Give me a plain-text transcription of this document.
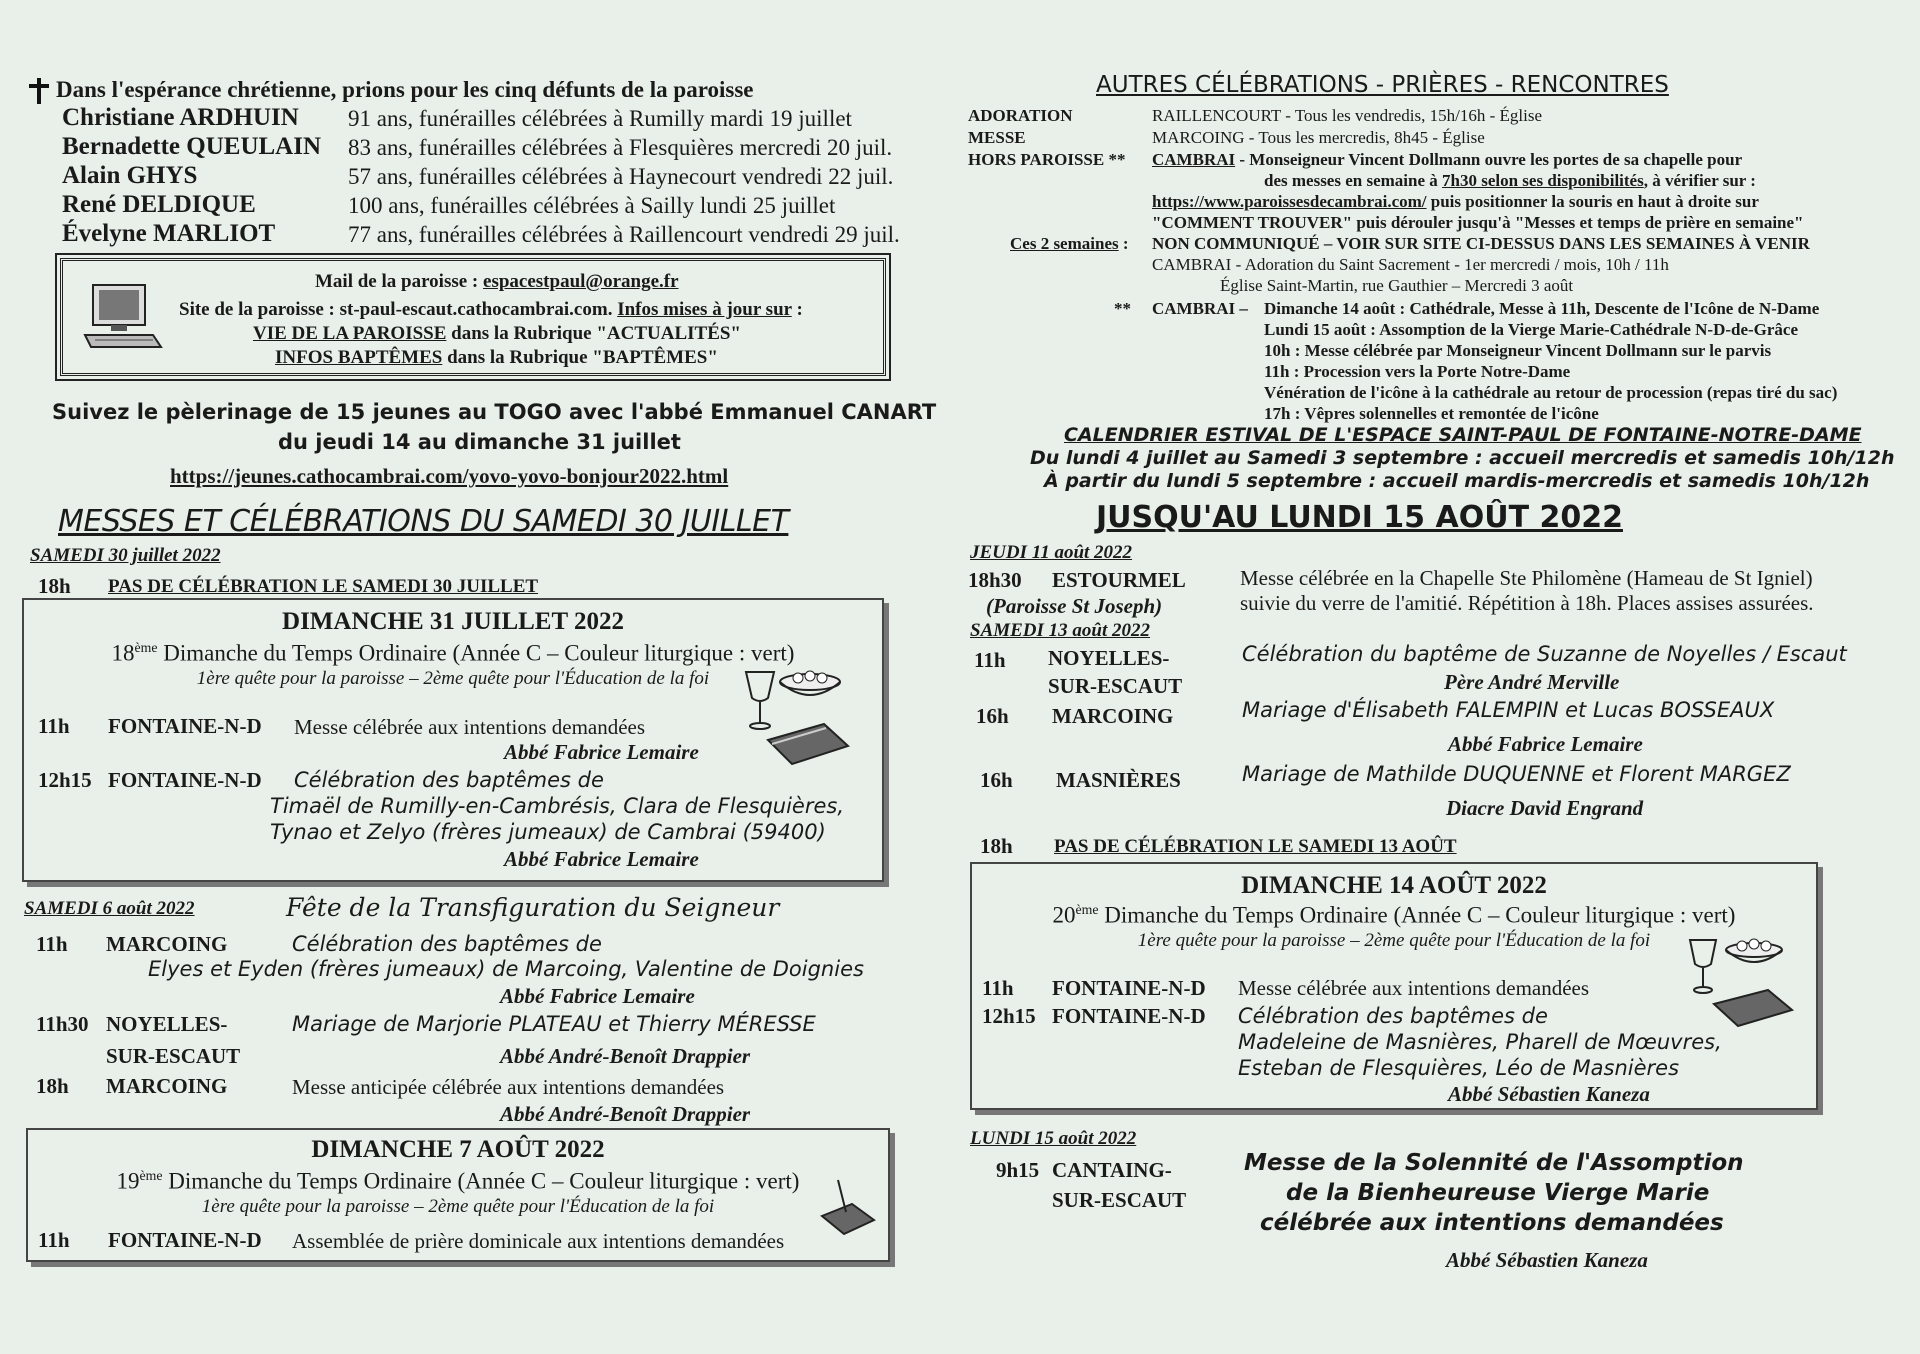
Dans l'espérance chrétienne, prions pour les cinq défunts de la paroisse
Christiane ARDHUIN 91 ans, funérailles célébrées à Rumilly mardi 19 juillet
Bernadette QUEULAIN 83 ans, funérailles célébrées à Flesquières mercredi 20 juil.
Alain GHYS	57 ans, funérailles célébrées à Haynecourt vendredi 22 juil.
René DELDIQUE	100 ans, funérailles célébrées à Sailly lundi 25 juillet
Évelyne MARLIOT	77 ans, funérailles célébrées à Raillencourt vendredi 29 juil.
Mail de la paroisse : espacestpaul@orange.fr
Site de la paroisse : st-paul-escaut.cathocambrai.com. Infos mises à jour sur :
VIE DE LA PAROISSE dans la Rubrique "ACTUALITÉS"
INFOS BAPTÊMES dans la Rubrique "BAPTÊMES"
Suivez le pèlerinage de 15 jeunes au TOGO avec l'abbé Emmanuel CANART
du jeudi 14 au dimanche 31 juillet
https://jeunes.cathocambrai.com/yovo-yovo-bonjour2022.html
MESSES ET CÉLÉBRATIONS DU SAMEDI 30 JUILLET
SAMEDI 30 juillet 2022
18h PAS DE CÉLÉBRATION LE SAMEDI 30 JUILLET
DIMANCHE 31 JUILLET 2022
18ème Dimanche du Temps Ordinaire (Année C – Couleur liturgique : vert)
1ère quête pour la paroisse – 2ème quête pour l'Éducation de la foi
11h FONTAINE-N-D Messe célébrée aux intentions demandées
Abbé Fabrice Lemaire
12h15 FONTAINE-N-D Célébration des baptêmes de
Timaël de Rumilly-en-Cambrésis, Clara de Flesquières,
Tynao et Zelyo (frères jumeaux) de Cambrai (59400)
Abbé Fabrice Lemaire
SAMEDI 6 août 2022	Fête de la Transfiguration du Seigneur
11h MARCOING	Célébration des baptêmes de
Elyes et Eyden (frères jumeaux) de Marcoing, Valentine de Doignies
Abbé Fabrice Lemaire
11h30 NOYELLES-
SUR-ESCAUT
Mariage de Marjorie PLATEAU et Thierry MÉRESSE
Abbé André-Benoît Drappier
18h MARCOING	Messe anticipée célébrée aux intentions demandées
Abbé André-Benoît Drappier
DIMANCHE 7 AOÛT 2022
19ème Dimanche du Temps Ordinaire (Année C – Couleur liturgique : vert)
1ère quête pour la paroisse – 2ème quête pour l'Éducation de la foi
11h FONTAINE-N-D Assemblée de prière dominicale aux intentions demandées
AUTRES CÉLÉBRATIONS - PRIÈRES - RENCONTRES
ADORATION	RAILLENCOURT - Tous les vendredis, 15h/16h - Église
MESSE	MARCOING - Tous les mercredis, 8h45 - Église
HORS PAROISSE ** CAMBRAI - Monseigneur Vincent Dollmann ouvre les portes de sa chapelle pour
des messes en semaine à 7h30 selon ses disponibilités, à vérifier sur :
https://www.paroissesdecambrai.com/ puis positionner la souris en haut à droite sur
"COMMENT TROUVER" puis dérouler jusqu'à "Messes et temps de prière en semaine"
Ces 2 semaines : NON COMMUNIQUÉ – VOIR SUR SITE CI-DESSUS DANS LES SEMAINES À VENIR
CAMBRAI - Adoration du Saint Sacrement - 1er mercredi / mois, 10h / 11h
Église Saint-Martin, rue Gauthier – Mercredi 3 août
** CAMBRAI – Dimanche 14 août : Cathédrale, Messe à 11h, Descente de l'Icône de N-Dame
Lundi 15 août : Assomption de la Vierge Marie-Cathédrale N-D-de-Grâce
10h : Messe célébrée par Monseigneur Vincent Dollmann sur le parvis
11h : Procession vers la Porte Notre-Dame
Vénération de l'icône à la cathédrale au retour de procession (repas tiré du sac)
17h : Vêpres solennelles et remontée de l'icône
CALENDRIER ESTIVAL DE L'ESPACE SAINT-PAUL DE FONTAINE-NOTRE-DAME
Du lundi 4 juillet au Samedi 3 septembre : accueil mercredis et samedis 10h/12h
À partir du lundi 5 septembre : accueil mardis-mercredis et samedis 10h/12h
JUSQU'AU LUNDI 15 AOÛT 2022
JEUDI 11 août 2022
18h30 ESTOURMEL
(Paroisse St Joseph)
Messe célébrée en la Chapelle Ste Philomène (Hameau de St Igniel)
suivie du verre de l'amitié. Répétition à 18h. Places assises assurées.
SAMEDI 13 août 2022
11h NOYELLES-
SUR-ESCAUT
Célébration du baptême de Suzanne de Noyelles / Escaut
Père André Merville
16h MARCOING	Mariage d'Élisabeth FALEMPIN et Lucas BOSSEAUX
Abbé Fabrice Lemaire
16h MASNIÈRES	Mariage de Mathilde DUQUENNE et Florent MARGEZ
Diacre David Engrand
18h PAS DE CÉLÉBRATION LE SAMEDI 13 AOÛT
DIMANCHE 14 AOÛT 2022
20ème Dimanche du Temps Ordinaire (Année C – Couleur liturgique : vert)
1ère quête pour la paroisse – 2ème quête pour l'Éducation de la foi
11h FONTAINE-N-D Messe célébrée aux intentions demandées
12h15 FONTAINE-N-D Célébration des baptêmes de
Madeleine de Masnières, Pharell de Mœuvres,
Esteban de Flesquières, Léo de Masnières
Abbé Sébastien Kaneza
LUNDI 15 août 2022
9h15 CANTAING-
SUR-ESCAUT
Messe de la Solennité de l'Assomption
de la Bienheureuse Vierge Marie
célébrée aux intentions demandées
Abbé Sébastien Kaneza
